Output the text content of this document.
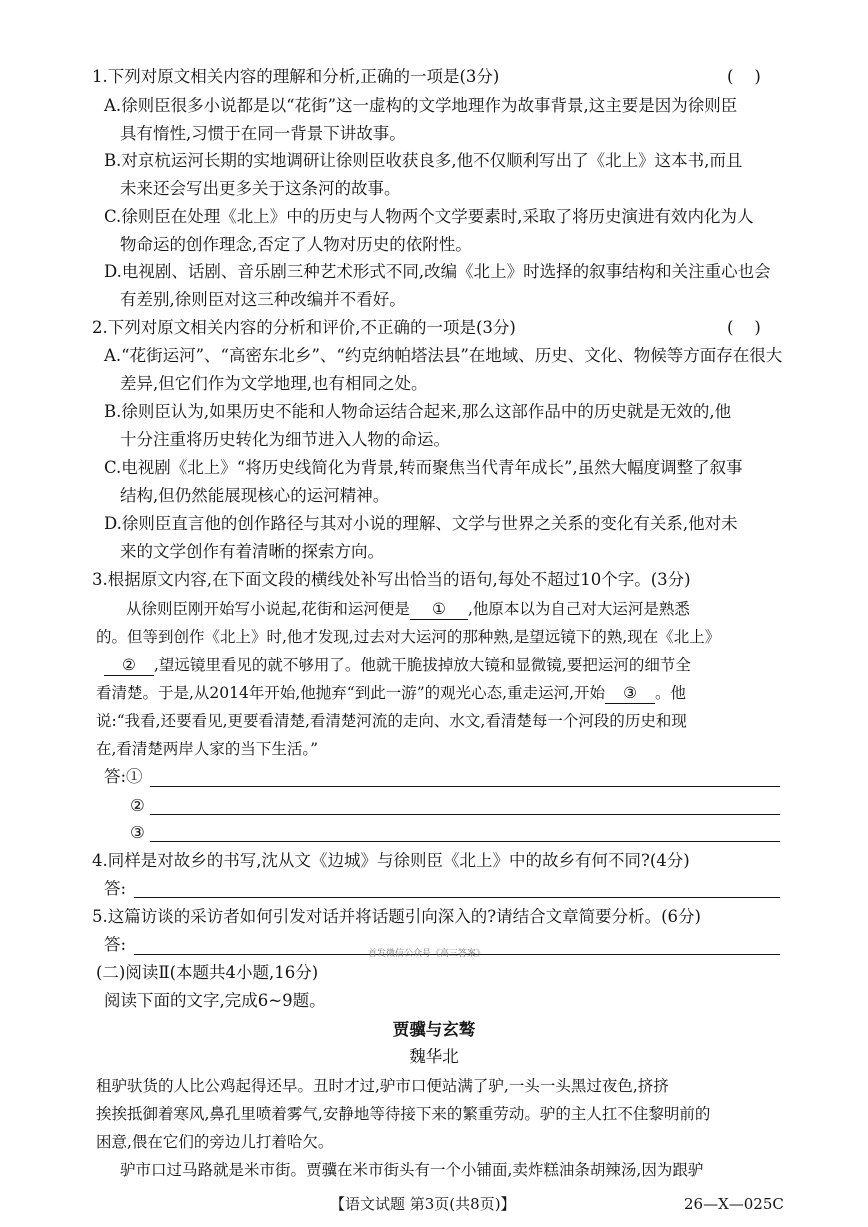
1.下列对原文相关内容的理解和分析,正确的一项是(3分)	(    )
A.徐则臣很多小说都是以“花街”这一虚构的文学地理作为故事背景,这主要是因为徐则臣
具有惰性,习惯于在同一背景下讲故事。
B.对京杭运河长期的实地调研让徐则臣收获良多,他不仅顺利写出了《北上》这本书,而且
未来还会写出更多关于这条河的故事。
C.徐则臣在处理《北上》中的历史与人物两个文学要素时,采取了将历史演进有效内化为人
物命运的创作理念,否定了人物对历史的依附性。
D.电视剧、话剧、音乐剧三种艺术形式不同,改编《北上》时选择的叙事结构和关注重心也会
有差别,徐则臣对这三种改编并不看好。
2.下列对原文相关内容的分析和评价,不正确的一项是(3分)	(    )
A.“花街运河”、“高密东北乡”、“约克纳帕塔法县”在地域、历史、文化、物候等方面存在很大
差异,但它们作为文学地理,也有相同之处。
B.徐则臣认为,如果历史不能和人物命运结合起来,那么这部作品中的历史就是无效的,他
十分注重将历史转化为细节进入人物的命运。
C.电视剧《北上》“将历史线简化为背景,转而聚焦当代青年成长”,虽然大幅度调整了叙事
结构,但仍然能展现核心的运河精神。
D.徐则臣直言他的创作路径与其对小说的理解、文学与世界之关系的变化有关系,他对未
来的文学创作有着清晰的探索方向。
3.根据原文内容,在下面文段的横线处补写出恰当的语句,每处不超过10个字。(3分)
从徐则臣刚开始写小说起,花街和运河便是 ① ,他原本以为自己对大运河是熟悉
的。但等到创作《北上》时,他才发现,过去对大运河的那种熟,是望远镜下的熟,现在《北上》
② ,望远镜里看见的就不够用了。他就干脆拔掉放大镜和显微镜,要把运河的细节全
看清楚。于是,从2014年开始,他抛弃“到此一游”的观光心态,重走运河,开始 ③ 。他
说:“我看,还要看见,更要看清楚,看清楚河流的走向、水文,看清楚每一个河段的历史和现
在,看清楚两岸人家的当下生活。”
答:①
②
③
4.同样是对故乡的书写,沈从文《边城》与徐则臣《北上》中的故乡有何不同?(4分)
答:
5.这篇访谈的采访者如何引发对话并将话题引向深入的?请结合文章简要分析。(6分)
答:	首发微信公众号《高三答案》
(二)阅读Ⅱ(本题共4小题,16分)
阅读下面的文字,完成6~9题。
贾骥与玄骜
魏华北
租驴驮货的人比公鸡起得还早。丑时才过,驴市口便站满了驴,一头一头黑过夜色,挤挤
挨挨抵御着寒风,鼻孔里喷着雾气,安静地等待接下来的繁重劳动。驴的主人扛不住黎明前的
困意,偎在它们的旁边儿打着哈欠。
驴市口过马路就是米市街。贾骥在米市街头有一个小铺面,卖炸糕油条胡辣汤,因为跟驴
【语文试题 第3页(共8页)】	26—X—025C
